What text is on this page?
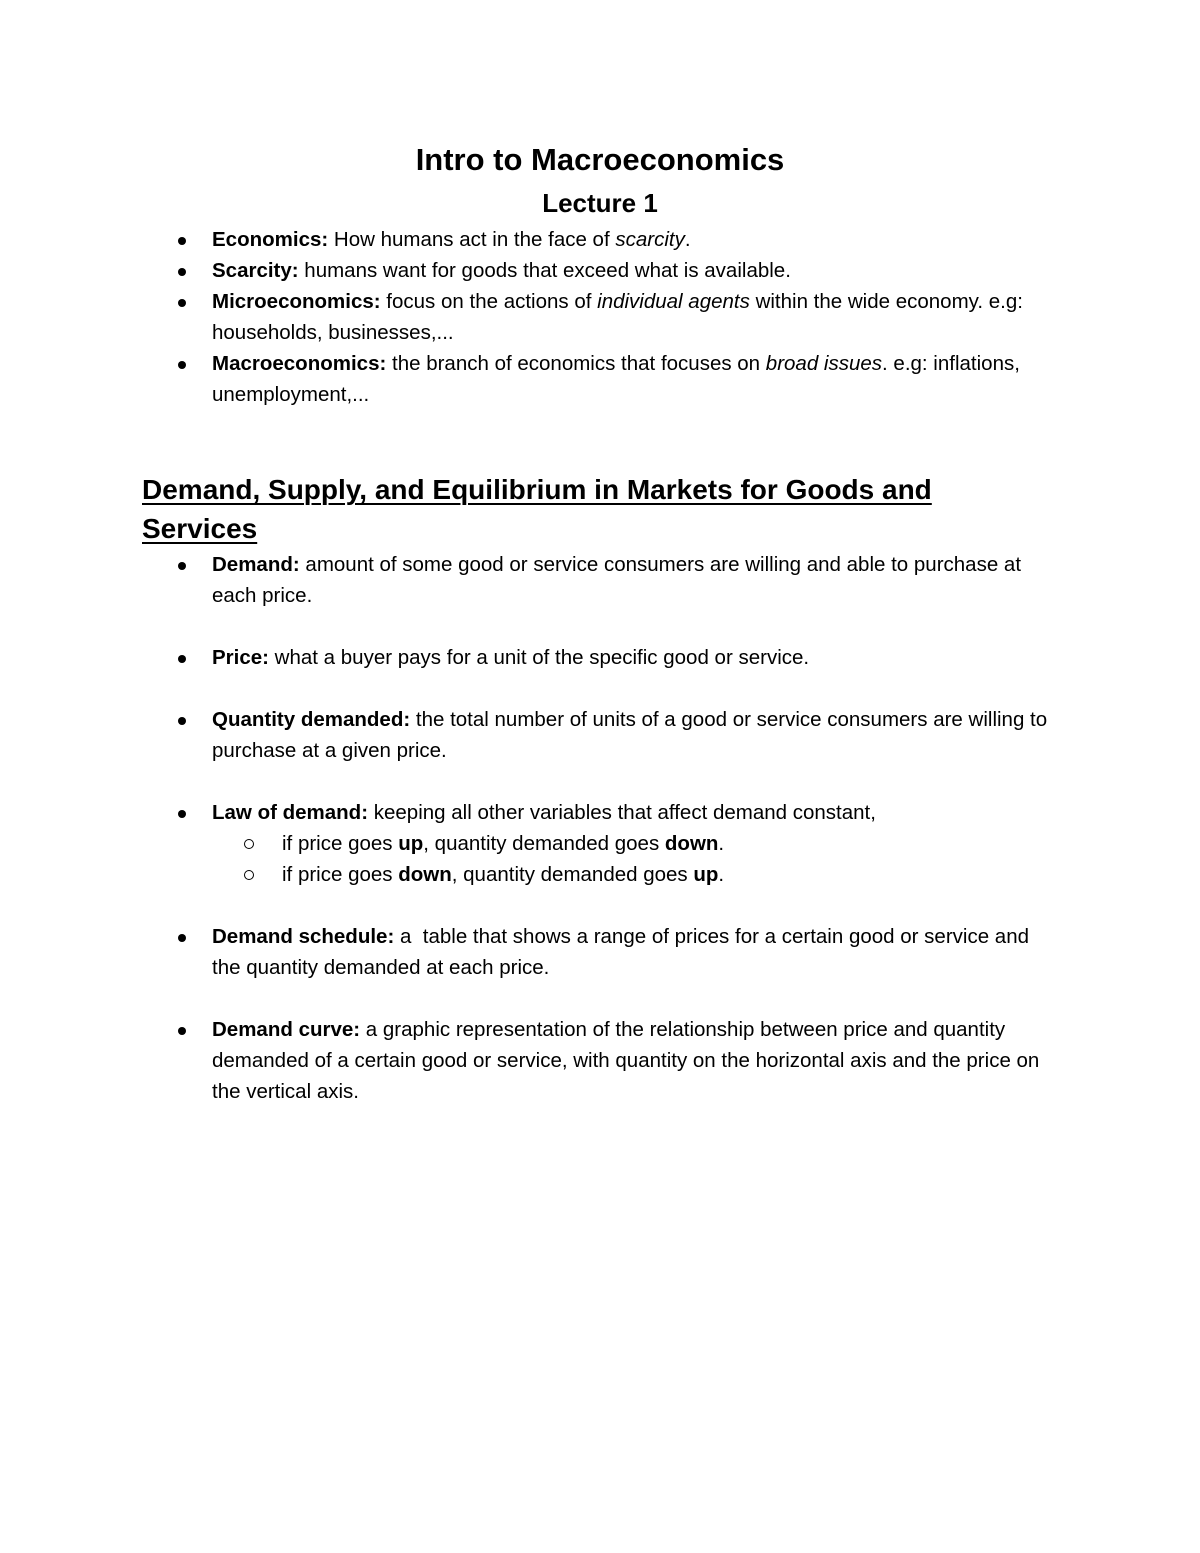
Intro to Macroeconomics
Lecture 1
Economics: How humans act in the face of scarcity.
Scarcity: humans want for goods that exceed what is available.
Microeconomics: focus on the actions of individual agents within the wide economy. e.g: households, businesses,...
Macroeconomics: the branch of economics that focuses on broad issues. e.g: inflations, unemployment,...
Demand, Supply, and Equilibrium in Markets for Goods and Services
Demand: amount of some good or service consumers are willing and able to purchase at each price.
Price: what a buyer pays for a unit of the specific good or service.
Quantity demanded: the total number of units of a good or service consumers are willing to purchase at a given price.
Law of demand: keeping all other variables that affect demand constant,
if price goes up, quantity demanded goes down.
if price goes down, quantity demanded goes up.
Demand schedule: a  table that shows a range of prices for a certain good or service and the quantity demanded at each price.
Demand curve: a graphic representation of the relationship between price and quantity demanded of a certain good or service, with quantity on the horizontal axis and the price on the vertical axis.
